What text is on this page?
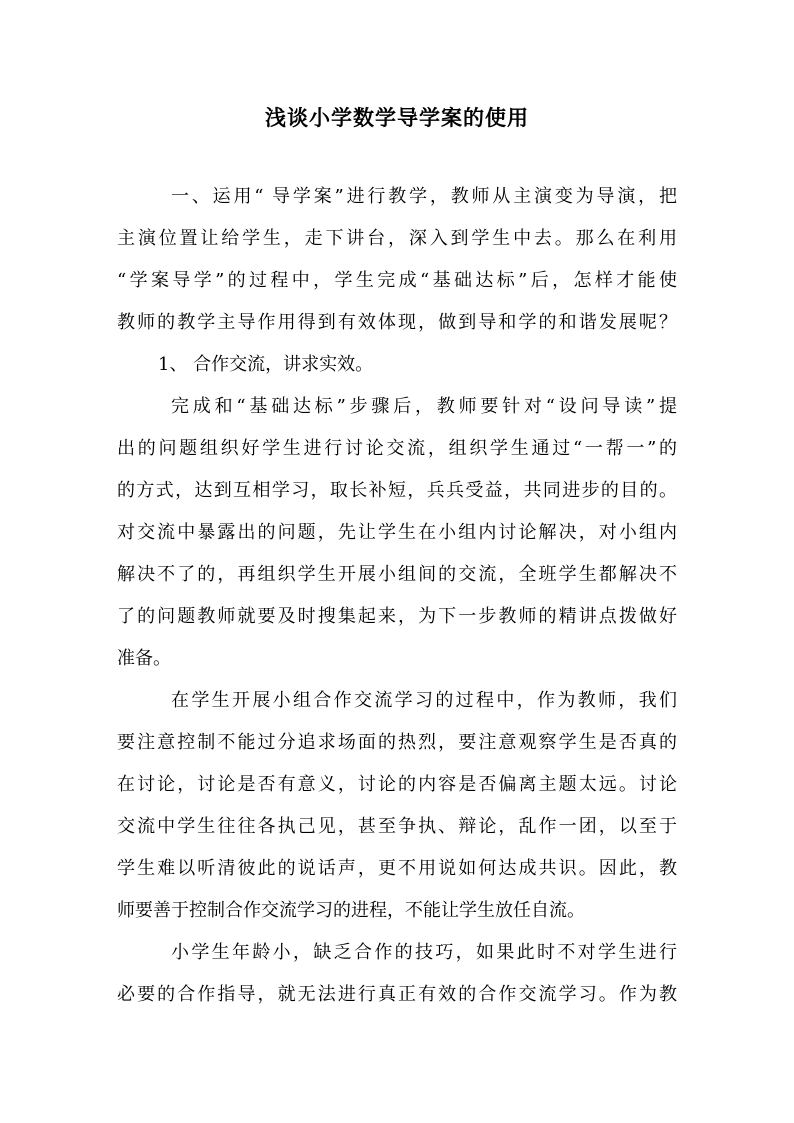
浅谈小学数学导学案的使用

一、运用“ 导学案”进行教学，教师从主演变为导演，把

主演位置让给学生，走下讲台，深入到学生中去。那么在利用

“学案导学”的过程中，学生完成“基础达标”后，怎样才能使

教师的教学主导作用得到有效体现，做到导和学的和谐发展呢？

1、 合作交流，讲求实效。

完成和“基础达标”步骤后，教师要针对“设问导读”提

出的问题组织好学生进行讨论交流，组织学生通过“一帮一”的

的方式，达到互相学习，取长补短，兵兵受益，共同进步的目的。

对交流中暴露出的问题，先让学生在小组内讨论解决，对小组内

解决不了的，再组织学生开展小组间的交流，全班学生都解决不

了的问题教师就要及时搜集起来，为下一步教师的精讲点拨做好

准备。

在学生开展小组合作交流学习的过程中，作为教师，我们

要注意控制不能过分追求场面的热烈，要注意观察学生是否真的

在讨论，讨论是否有意义，讨论的内容是否偏离主题太远。讨论

交流中学生往往各执己见，甚至争执、辩论，乱作一团，以至于

学生难以听清彼此的说话声，更不用说如何达成共识。因此，教

师要善于控制合作交流学习的进程，不能让学生放任自流。

小学生年龄小，缺乏合作的技巧，如果此时不对学生进行

必要的合作指导，就无法进行真正有效的合作交流学习。作为教
